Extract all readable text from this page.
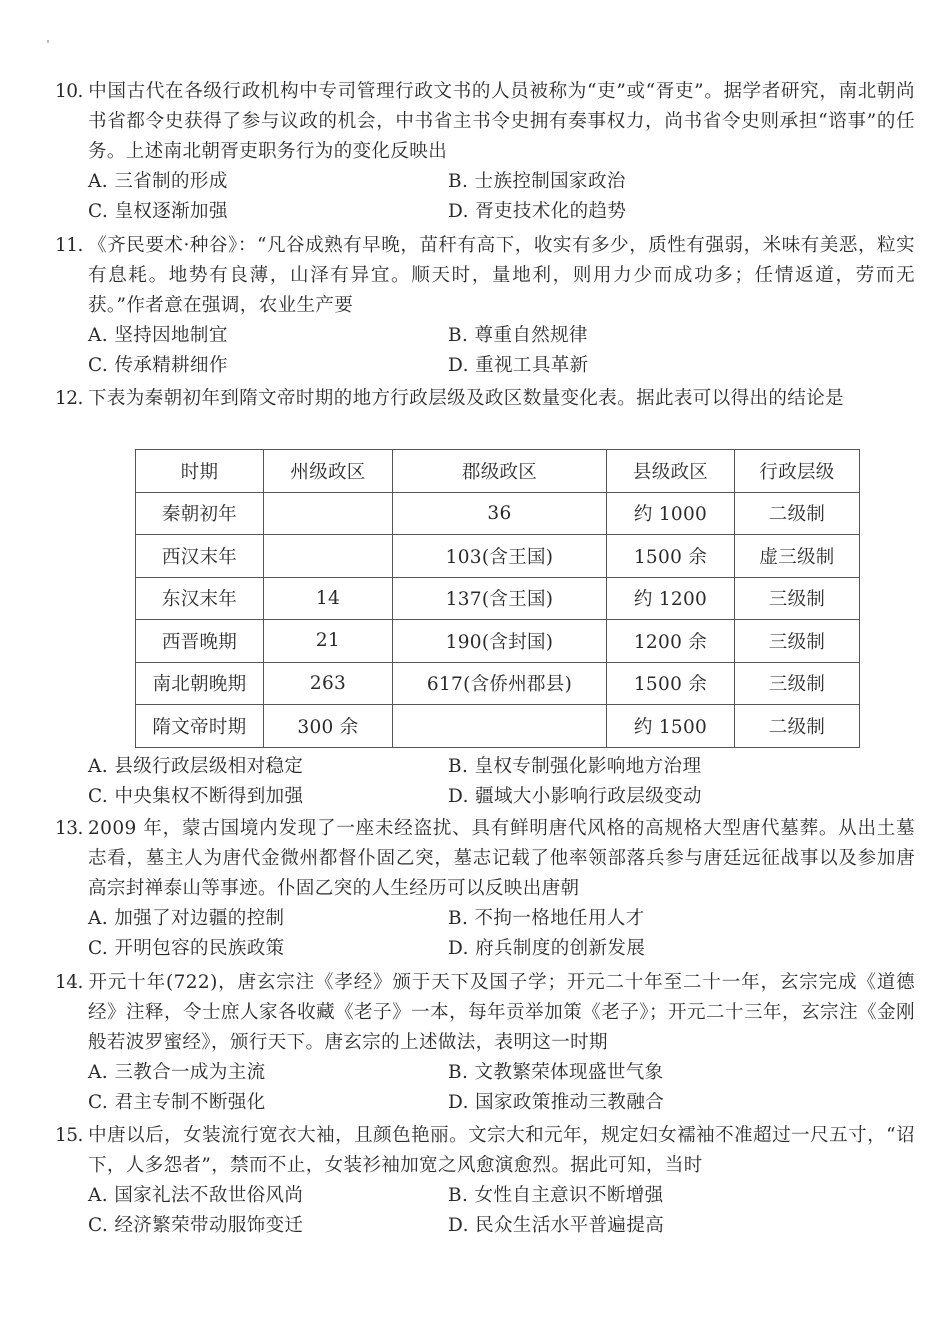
10. 中国古代在各级行政机构中专司管理行政文书的人员被称为“吏”或“胥吏”。据学者研究，南北朝尚书省都令史获得了参与议政的机会，中书省主书令史拥有奏事权力，尚书省令史则承担“谘事”的任务。上述南北朝胥吏职务行为的变化反映出
A. 三省制的形成	B. 士族控制国家政治
C. 皇权逐渐加强	D. 胥吏技术化的趋势
11. 《齐民要术·种谷》：“凡谷成熟有早晚，苗秆有高下，收实有多少，质性有强弱，米味有美恶，粒实有息耗。地势有良薄，山泽有异宜。顺天时，量地利，则用力少而成功多；任情返道，劳而无获。”作者意在强调，农业生产要
A. 坚持因地制宜	B. 尊重自然规律
C. 传承精耕细作	D. 重视工具革新
12. 下表为秦朝初年到隋文帝时期的地方行政层级及政区数量变化表。据此表可以得出的结论是
时期	州级政区	郡级政区	县级政区	行政层级
秦朝初年		36	约 1000	二级制
西汉末年		103(含王国)	1500 余	虚三级制
东汉末年	14	137(含王国)	约 1200	三级制
西晋晚期	21	190(含封国)	1200 余	三级制
南北朝晚期	263	617(含侨州郡县)	1500 余	三级制
隋文帝时期	300 余		约 1500	二级制
A. 县级行政层级相对稳定	B. 皇权专制强化影响地方治理
C. 中央集权不断得到加强	D. 疆域大小影响行政层级变动
13. 2009 年，蒙古国境内发现了一座未经盗扰、具有鲜明唐代风格的高规格大型唐代墓葬。从出土墓志看，墓主人为唐代金微州都督仆固乙突，墓志记载了他率领部落兵参与唐廷远征战事以及参加唐高宗封禅泰山等事迹。仆固乙突的人生经历可以反映出唐朝
A. 加强了对边疆的控制	B. 不拘一格地任用人才
C. 开明包容的民族政策	D. 府兵制度的创新发展
14. 开元十年(722)，唐玄宗注《孝经》颁于天下及国子学；开元二十年至二十一年，玄宗完成《道德经》注释，令士庶人家各收藏《老子》一本，每年贡举加策《老子》；开元二十三年，玄宗注《金刚般若波罗蜜经》，颁行天下。唐玄宗的上述做法，表明这一时期
A. 三教合一成为主流	B. 文教繁荣体现盛世气象
C. 君主专制不断强化	D. 国家政策推动三教融合
15. 中唐以后，女装流行宽衣大袖，且颜色艳丽。文宗大和元年，规定妇女襦袖不准超过一尺五寸，“诏下，人多怨者”，禁而不止，女装衫袖加宽之风愈演愈烈。据此可知，当时
A. 国家礼法不敌世俗风尚	B. 女性自主意识不断增强
C. 经济繁荣带动服饰变迁	D. 民众生活水平普遍提高
